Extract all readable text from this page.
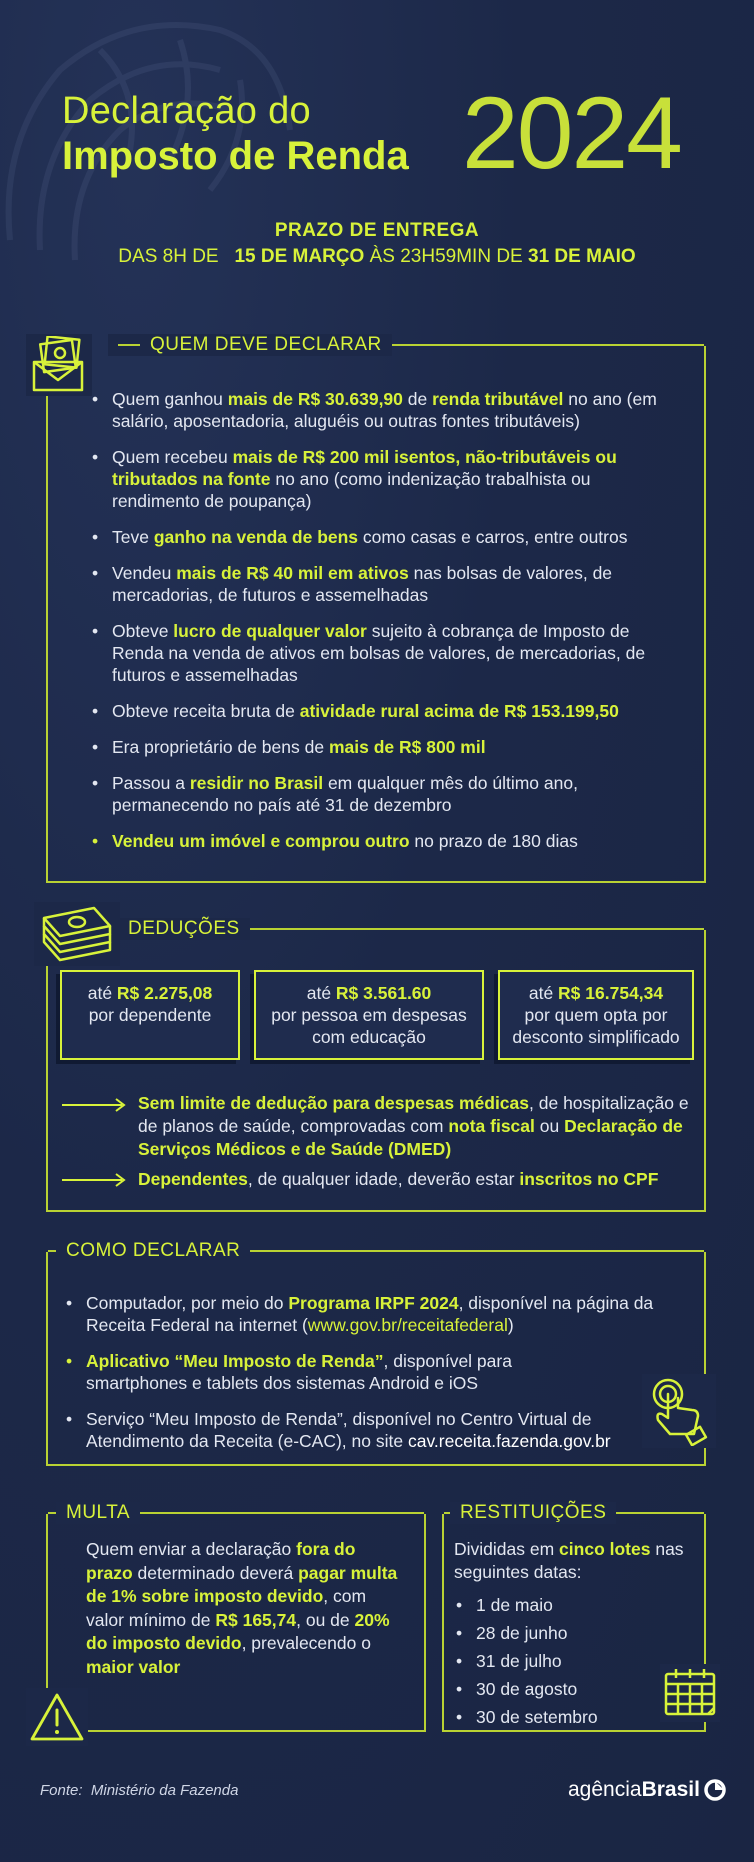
Declaração do
Imposto de Renda 2024
PRAZO DE ENTREGA
DAS 8H DE 15 DE MARÇO ÀS 23H59MIN DE 31 DE MAIO
QUEM DEVE DECLARAR
• Quem ganhou mais de R$ 30.639,90 de renda tributável no ano (em salário, aposentadoria, aluguéis ou outras fontes tributáveis)
• Quem recebeu mais de R$ 200 mil isentos, não-tributáveis ou tributados na fonte no ano (como indenização trabalhista ou rendimento de poupança)
• Teve ganho na venda de bens como casas e carros, entre outros
• Vendeu mais de R$ 40 mil em ativos nas bolsas de valores, de mercadorias, de futuros e assemelhadas
• Obteve lucro de qualquer valor sujeito à cobrança de Imposto de Renda na venda de ativos em bolsas de valores, de mercadorias, de futuros e assemelhadas
• Obteve receita bruta de atividade rural acima de R$ 153.199,50
• Era proprietário de bens de mais de R$ 800 mil
• Passou a residir no Brasil em qualquer mês do último ano, permanecendo no país até 31 de dezembro
• Vendeu um imóvel e comprou outro no prazo de 180 dias
DEDUÇÕES
até R$ 2.275,08
por dependente
até R$ 3.561.60
por pessoa em despesas com educação
até R$ 16.754,34
por quem opta por desconto simplificado
Sem limite de dedução para despesas médicas, de hospitalização e de planos de saúde, comprovadas com nota fiscal ou Declaração de Serviços Médicos e de Saúde (DMED)
Dependentes, de qualquer idade, deverão estar inscritos no CPF
COMO DECLARAR
• Computador, por meio do Programa IRPF 2024, disponível na página da Receita Federal na internet (www.gov.br/receitafederal)
• Aplicativo “Meu Imposto de Renda”, disponível para smartphones e tablets dos sistemas Android e iOS
• Serviço “Meu Imposto de Renda”, disponível no Centro Virtual de Atendimento da Receita (e-CAC), no site cav.receita.fazenda.gov.br
MULTA
Quem enviar a declaração fora do prazo determinado deverá pagar multa de 1% sobre imposto devido, com valor mínimo de R$ 165,74, ou de 20% do imposto devido, prevalecendo o maior valor
RESTITUIÇÕES
Divididas em cinco lotes nas seguintes datas:
• 1 de maio
• 28 de junho
• 31 de julho
• 30 de agosto
• 30 de setembro
Fonte: Ministério da Fazenda	agência Brasil
